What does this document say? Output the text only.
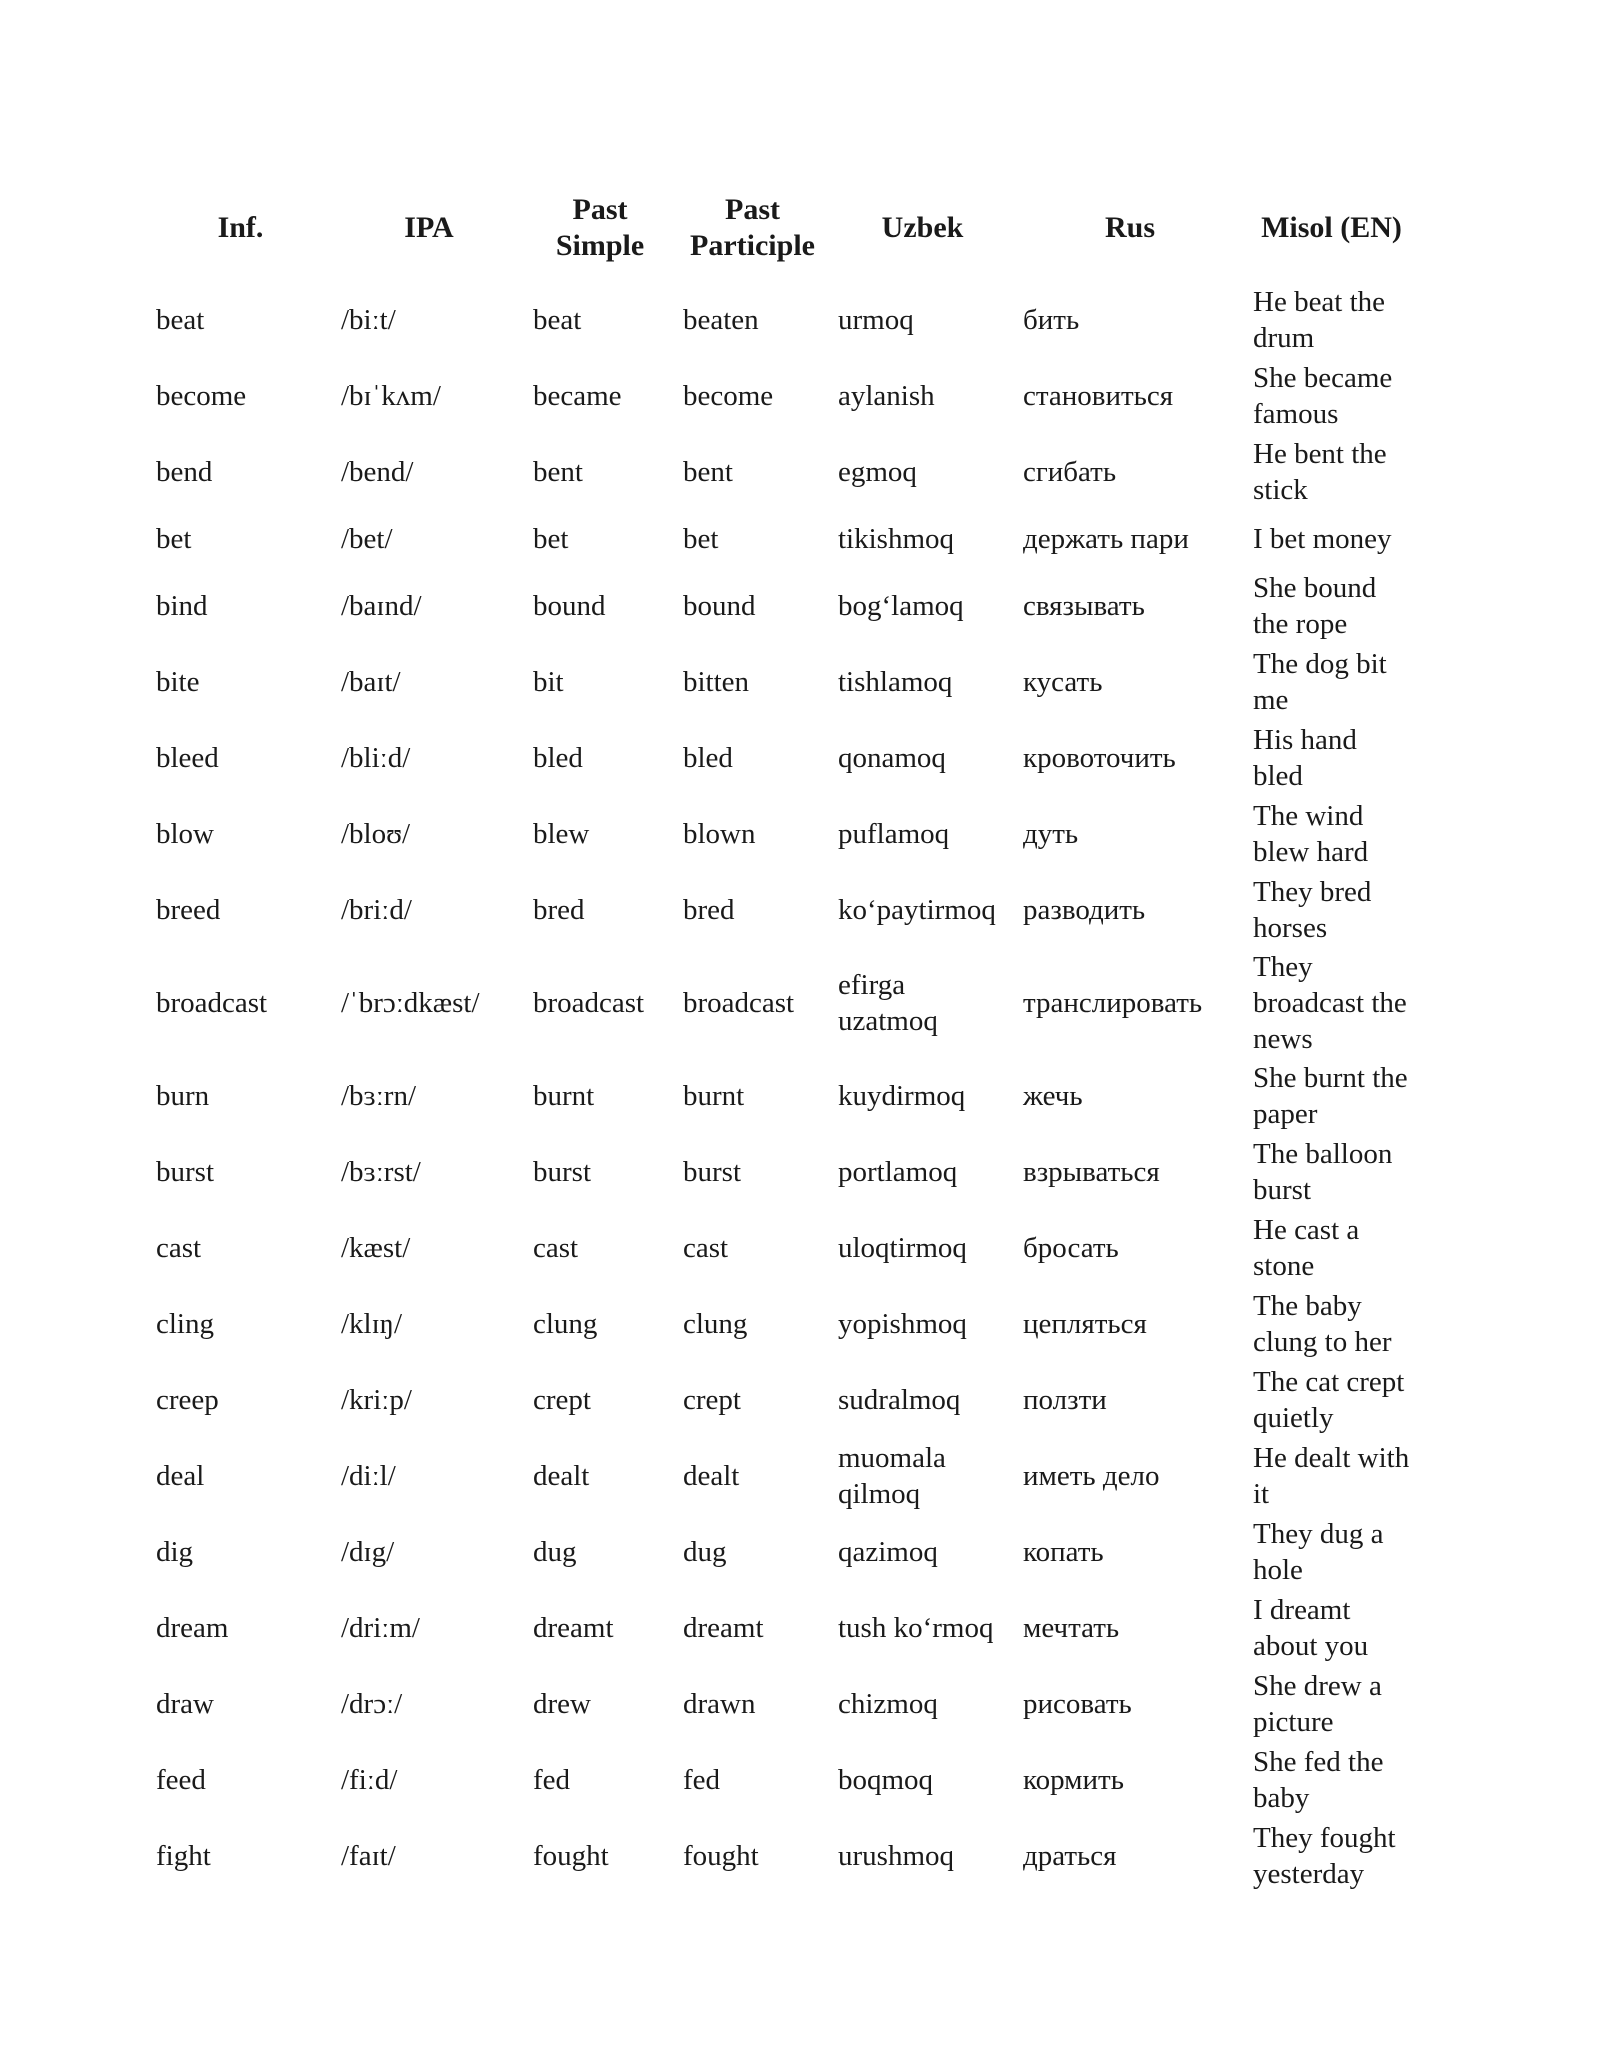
Inf.	IPA	Past Simple	Past Participle	Uzbek	Rus	Misol (EN)
beat	/biːt/	beat	beaten	urmoq	бить	He beat the drum
become	/bɪˈkʌm/	became	become	aylanish	становиться	She became famous
bend	/bend/	bent	bent	egmoq	сгибать	He bent the stick
bet	/bet/	bet	bet	tikishmoq	держать пари	I bet money
bind	/baɪnd/	bound	bound	bog‘lamoq	связывать	She bound the rope
bite	/baɪt/	bit	bitten	tishlamoq	кусать	The dog bit me
bleed	/bliːd/	bled	bled	qonamoq	кровоточить	His hand bled
blow	/bloʊ/	blew	blown	puflamoq	дуть	The wind blew hard
breed	/briːd/	bred	bred	ko‘paytirmoq	разводить	They bred horses
broadcast	/ˈbrɔːdkæst/	broadcast	broadcast	efirga uzatmoq	транслировать	They broadcast the news
burn	/bɜːrn/	burnt	burnt	kuydirmoq	жечь	She burnt the paper
burst	/bɜːrst/	burst	burst	portlamoq	взрываться	The balloon burst
cast	/kæst/	cast	cast	uloqtirmoq	бросать	He cast a stone
cling	/klɪŋ/	clung	clung	yopishmoq	цепляться	The baby clung to her
creep	/kriːp/	crept	crept	sudralmoq	ползти	The cat crept quietly
deal	/diːl/	dealt	dealt	muomala qilmoq	иметь дело	He dealt with it
dig	/dɪg/	dug	dug	qazimoq	копать	They dug a hole
dream	/driːm/	dreamt	dreamt	tush ko‘rmoq	мечтать	I dreamt about you
draw	/drɔː/	drew	drawn	chizmoq	рисовать	She drew a picture
feed	/fiːd/	fed	fed	boqmoq	кормить	She fed the baby
fight	/faɪt/	fought	fought	urushmoq	драться	They fought yesterday
